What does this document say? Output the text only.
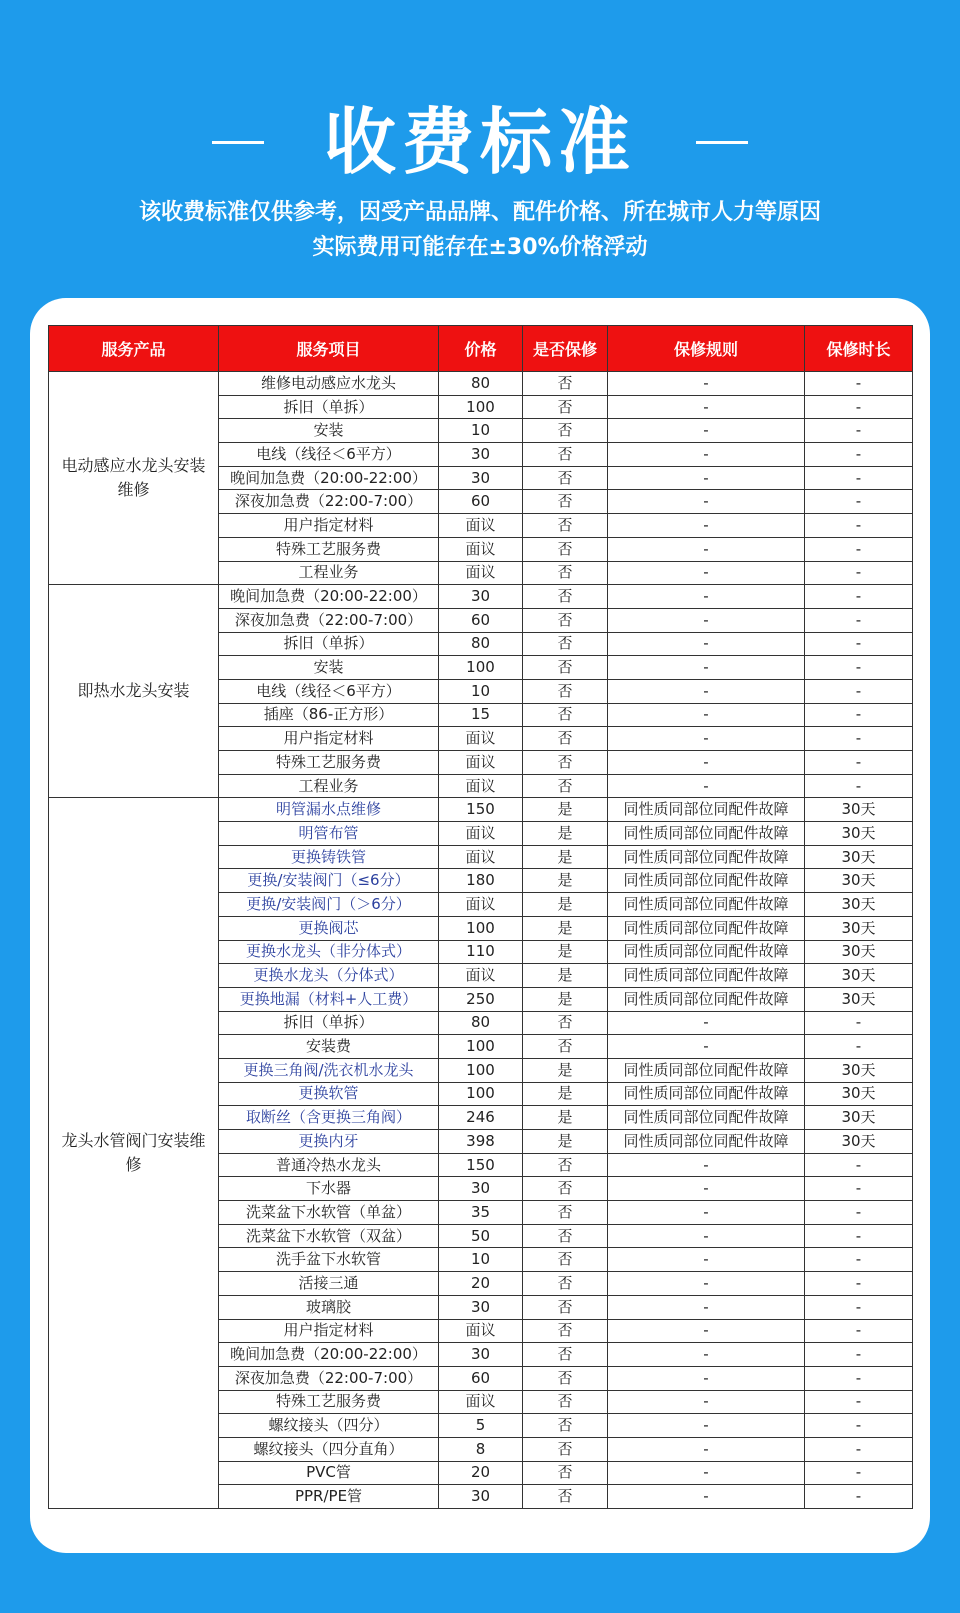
收费标准
该收费标准仅供参考，因受产品品牌、配件价格、所在城市人力等原因
实际费用可能存在±30%价格浮动
服务产品	服务项目	价格	是否保修	保修规则	保修时长
电动感应水龙头安装维修	维修电动感应水龙头	80	否	-	-
	拆旧（单拆）	100	否	-	-
	安装	10	否	-	-
	电线（线径＜6平方）	30	否	-	-
	晚间加急费（20:00-22:00）	30	否	-	-
	深夜加急费（22:00-7:00）	60	否	-	-
	用户指定材料	面议	否	-	-
	特殊工艺服务费	面议	否	-	-
	工程业务	面议	否	-	-
即热水龙头安装	晚间加急费（20:00-22:00）	30	否	-	-
	深夜加急费（22:00-7:00）	60	否	-	-
	拆旧（单拆）	80	否	-	-
	安装	100	否	-	-
	电线（线径＜6平方）	10	否	-	-
	插座（86-正方形）	15	否	-	-
	用户指定材料	面议	否	-	-
	特殊工艺服务费	面议	否	-	-
	工程业务	面议	否	-	-
龙头水管阀门安装维修	明管漏水点维修	150	是	同性质同部位同配件故障	30天
	明管布管	面议	是	同性质同部位同配件故障	30天
	更换铸铁管	面议	是	同性质同部位同配件故障	30天
	更换/安装阀门（≤6分）	180	是	同性质同部位同配件故障	30天
	更换/安装阀门（＞6分）	面议	是	同性质同部位同配件故障	30天
	更换阀芯	100	是	同性质同部位同配件故障	30天
	更换水龙头（非分体式）	110	是	同性质同部位同配件故障	30天
	更换水龙头（分体式）	面议	是	同性质同部位同配件故障	30天
	更换地漏（材料+人工费）	250	是	同性质同部位同配件故障	30天
	拆旧（单拆）	80	否	-	-
	安装费	100	否	-	-
	更换三角阀/洗衣机水龙头	100	是	同性质同部位同配件故障	30天
	更换软管	100	是	同性质同部位同配件故障	30天
	取断丝（含更换三角阀）	246	是	同性质同部位同配件故障	30天
	更换内牙	398	是	同性质同部位同配件故障	30天
	普通冷热水龙头	150	否	-	-
	下水器	30	否	-	-
	洗菜盆下水软管（单盆）	35	否	-	-
	洗菜盆下水软管（双盆）	50	否	-	-
	洗手盆下水软管	10	否	-	-
	活接三通	20	否	-	-
	玻璃胶	30	否	-	-
	用户指定材料	面议	否	-	-
	晚间加急费（20:00-22:00）	30	否	-	-
	深夜加急费（22:00-7:00）	60	否	-	-
	特殊工艺服务费	面议	否	-	-
	螺纹接头（四分）	5	否	-	-
	螺纹接头（四分直角）	8	否	-	-
	PVC管	20	否	-	-
	PPR/PE管	30	否	-	-
